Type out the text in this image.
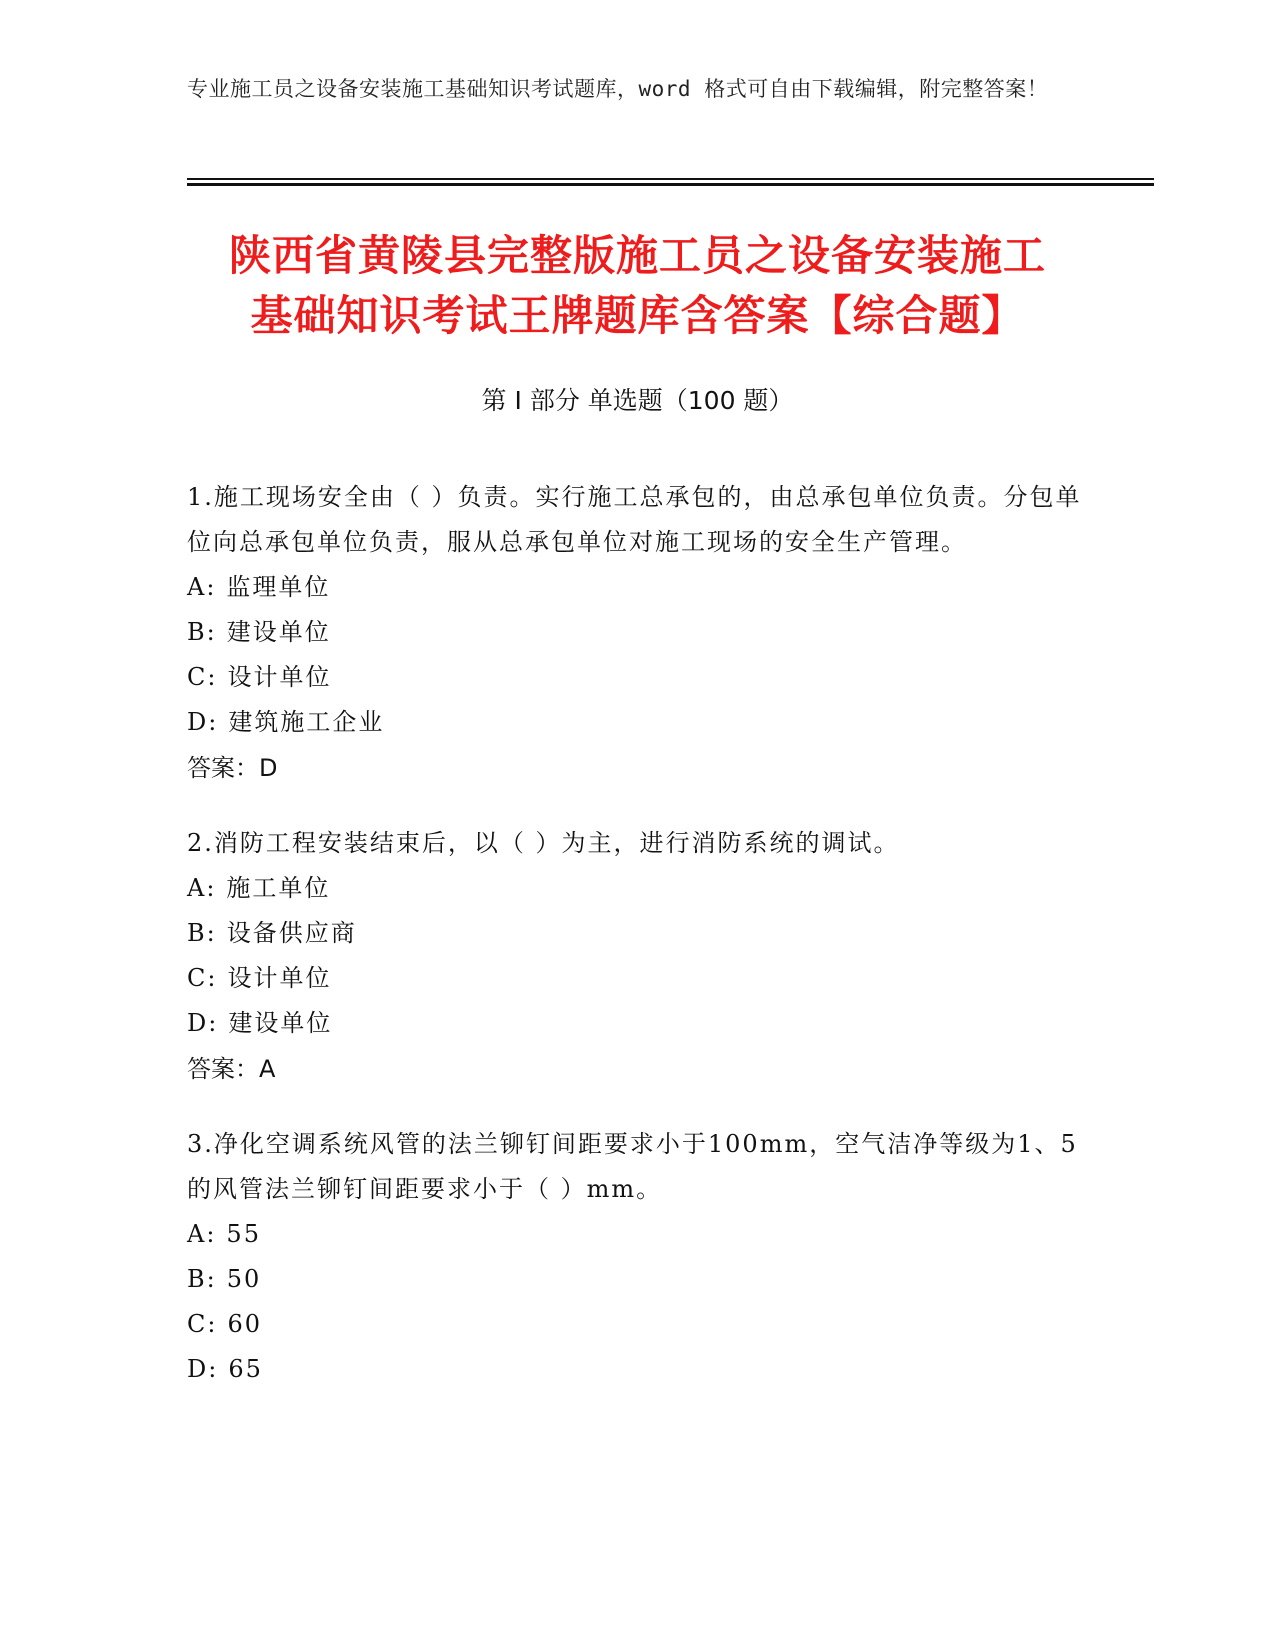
专业施工员之设备安装施工基础知识考试题库，word 格式可自由下载编辑，附完整答案！
陕西省黄陵县完整版施工员之设备安装施工
基础知识考试王牌题库含答案【综合题】
第 I 部分 单选题（100 题）
1.施工现场安全由（ ）负责。实行施工总承包的，由总承包单位负责。分包单位向总承包单位负责，服从总承包单位对施工现场的安全生产管理。
A: 监理单位
B: 建设单位
C: 设计单位
D: 建筑施工企业
答案：D
2.消防工程安装结束后，以（ ）为主，进行消防系统的调试。
A: 施工单位
B: 设备供应商
C: 设计单位
D: 建设单位
答案：A
3.净化空调系统风管的法兰铆钉间距要求小于100mm，空气洁净等级为1、5 的风管法兰铆钉间距要求小于（ ）mm。
A: 55
B: 50
C: 60
D: 65
